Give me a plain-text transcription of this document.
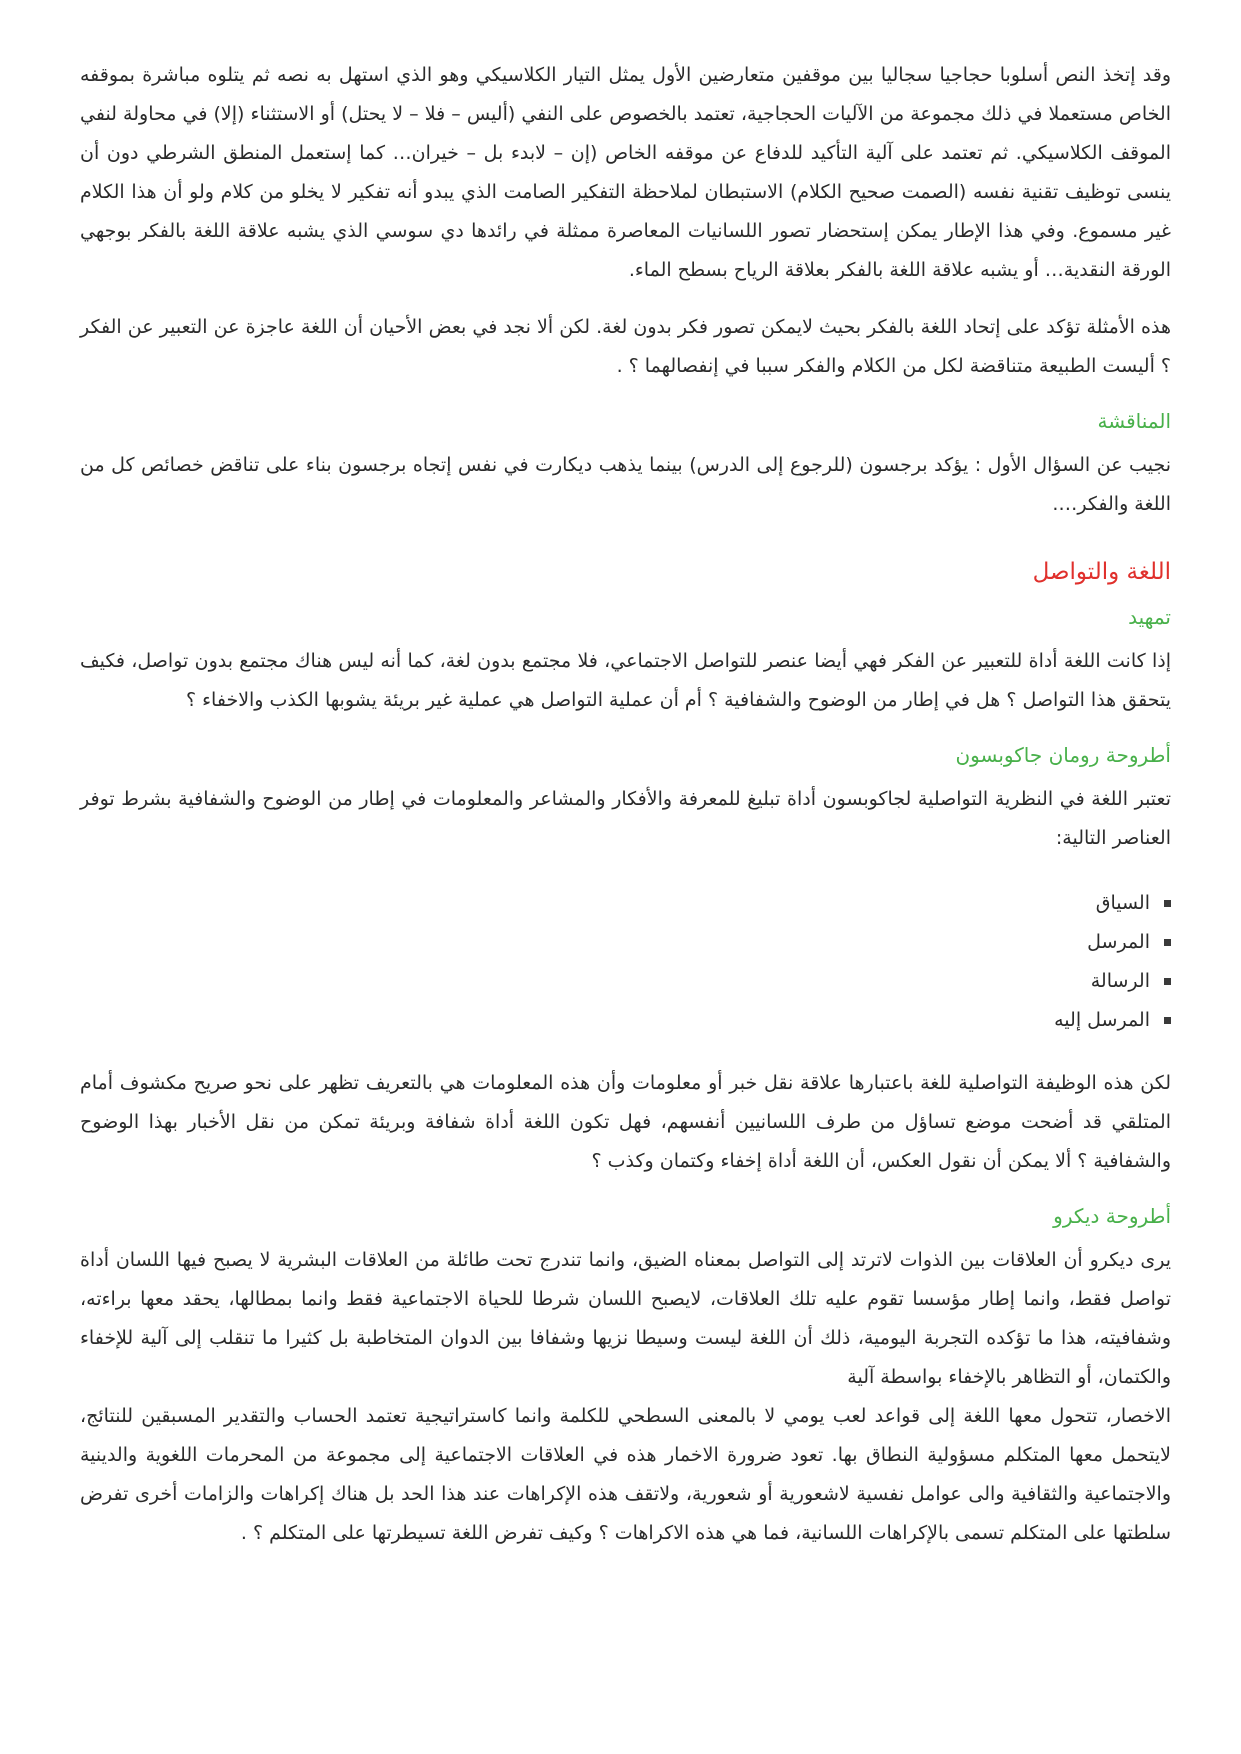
وقد إتخذ النص أسلوبا حجاجيا سجاليا بين موقفين متعارضين الأول يمثل التيار الكلاسيكي وهو الذي استهل به نصه ثم يتلوه مباشرة بموقفه الخاص مستعملا في ذلك مجموعة من الآليات الحجاجية، تعتمد بالخصوص على النفي (أليس – فلا – لا يحتل) أو الاستثناء (إلا) في محاولة لنفي الموقف الكلاسيكي. ثم تعتمد على آلية التأكيد للدفاع عن موقفه الخاص (إن – لابدء بل – خيران… كما إستعمل المنطق الشرطي دون أن ينسى توظيف تقنية نفسه (الصمت صحيح الكلام) الاستبطان لملاحظة التفكير الصامت الذي يبدو أنه تفكير لا يخلو من كلام ولو أن هذا الكلام غير مسموع. وفي هذا الإطار يمكن إستحضار تصور اللسانيات المعاصرة ممثلة في رائدها دي سوسي الذي يشبه علاقة اللغة بالفكر بوجهي الورقة النقدية… أو يشبه علاقة اللغة بالفكر بعلاقة الرياح بسطح الماء.

هذه الأمثلة تؤكد على إتحاد اللغة بالفكر بحيث لايمكن تصور فكر بدون لغة. لكن ألا نجد في بعض الأحيان أن اللغة عاجزة عن التعبير عن الفكر ؟ أليست الطبيعة متناقضة لكل من الكلام والفكر سببا في إنفصالهما ؟ .

المناقشة

نجيب عن السؤال الأول : يؤكد برجسون (للرجوع إلى الدرس) بينما يذهب ديكارت في نفس إتجاه برجسون بناء على تناقض خصائص كل من اللغة والفكر….

اللغة والتواصل
تمهيد

إذا كانت اللغة أداة للتعبير عن الفكر فهي أيضا عنصر للتواصل الاجتماعي، فلا مجتمع بدون لغة، كما أنه ليس هناك مجتمع بدون تواصل، فكيف يتحقق هذا التواصل ؟ هل في إطار من الوضوح والشفافية ؟ أم أن عملية التواصل هي عملية غير بريئة يشوبها الكذب والاخفاء ؟

أطروحة رومان جاكوبسون

تعتبر اللغة في النظرية التواصلية لجاكوبسون أداة تبليغ للمعرفة والأفكار والمشاعر والمعلومات في إطار من الوضوح والشفافية بشرط توفر العناصر التالية:

السياق
المرسل
الرسالة
المرسل إليه

لكن هذه الوظيفة التواصلية للغة باعتبارها علاقة نقل خبر أو معلومات وأن هذه المعلومات هي بالتعريف تظهر على نحو صريح مكشوف أمام المتلقي قد أضحت موضع تساؤل من طرف اللسانيين أنفسهم، فهل تكون اللغة أداة شفافة وبريئة تمكن من نقل الأخبار بهذا الوضوح والشفافية ؟ ألا يمكن أن نقول العكس، أن اللغة أداة إخفاء وكتمان وكذب ؟

أطروحة ديكرو

يرى ديكرو أن العلاقات بين الذوات لاترتد إلى التواصل بمعناه الضيق، وانما تندرج تحت طائلة من العلاقات البشرية لا يصبح فيها اللسان أداة تواصل فقط، وانما إطار مؤسسا تقوم عليه تلك العلاقات، لايصبح اللسان شرطا للحياة الاجتماعية فقط وانما بمطالها، يحقد معها براءته، وشفافيته، هذا ما تؤكده التجربة اليومية، ذلك أن اللغة ليست وسيطا نزيها وشفافا بين الدوان المتخاطبة بل كثيرا ما تنقلب إلى آلية للإخفاء والكتمان، أو التظاهر بالإخفاء بواسطة آلية

الاخصار، تتحول معها اللغة إلى قواعد لعب يومي لا بالمعنى السطحي للكلمة وانما كاستراتيجية تعتمد الحساب والتقدير المسبقين للنتائج، لايتحمل معها المتكلم مسؤولية النطاق بها. تعود ضرورة الاخمار هذه في العلاقات الاجتماعية إلى مجموعة من المحرمات اللغوية والدينية والاجتماعية والثقافية والى عوامل نفسية لاشعورية أو شعورية، ولاتقف هذه الإكراهات عند هذا الحد بل هناك إكراهات والزامات أخرى تفرض سلطتها على المتكلم تسمى بالإكراهات اللسانية، فما هي هذه الاكراهات ؟ وكيف تفرض اللغة تسيطرتها على المتكلم ؟ .
